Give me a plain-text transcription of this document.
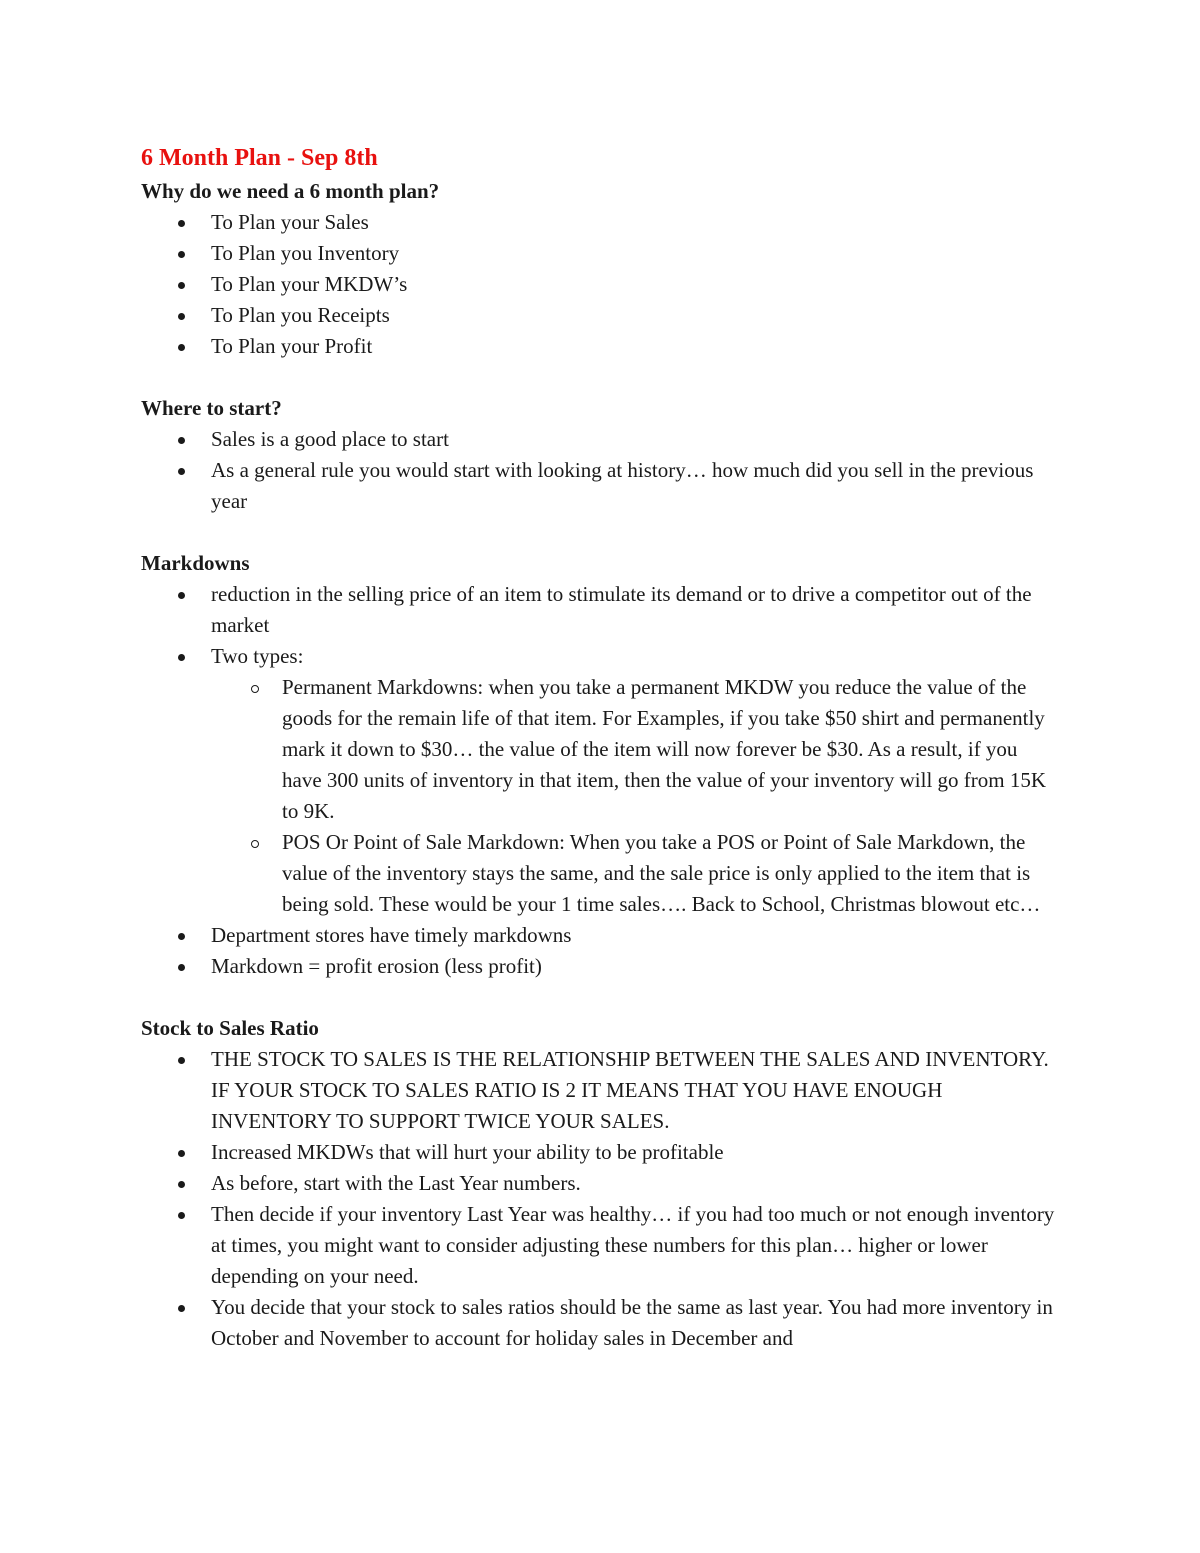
6 Month Plan - Sep 8th
Why do we need a 6 month plan?
To Plan your Sales
To Plan you Inventory
To Plan your MKDW’s
To Plan you Receipts
To Plan your Profit
Where to start?
Sales is a good place to start
As a general rule you would start with looking at history… how much did you sell in the previous year
Markdowns
reduction in the selling price of an item to stimulate its demand or to drive a competitor out of the market
Two types:
Permanent Markdowns: when you take a permanent MKDW you reduce the value of the goods for the remain life of that item. For Examples, if you take $50 shirt and permanently mark it down to $30… the value of the item will now forever be $30. As a result, if you have 300 units of inventory in that item, then the value of your inventory will go from 15K to 9K.
POS Or Point of Sale Markdown: When you take a POS or Point of Sale Markdown, the value of the inventory stays the same, and the sale price is only applied to the item that is being sold. These would be your 1 time sales…. Back to School, Christmas blowout etc…
Department stores have timely markdowns
Markdown = profit erosion (less profit)
Stock to Sales Ratio
THE STOCK TO SALES IS THE RELATIONSHIP BETWEEN THE SALES AND INVENTORY. IF YOUR STOCK TO SALES RATIO IS 2 IT MEANS THAT YOU HAVE ENOUGH INVENTORY TO SUPPORT TWICE YOUR SALES.
Increased MKDWs that will hurt your ability to be profitable
As before, start with the Last Year numbers.
Then decide if your inventory Last Year was healthy… if you had too much or not enough inventory at times, you might want to consider adjusting these numbers for this plan… higher or lower depending on your need.
You decide that your stock to sales ratios should be the same as last year. You had more inventory in October and November to account for holiday sales in December and
